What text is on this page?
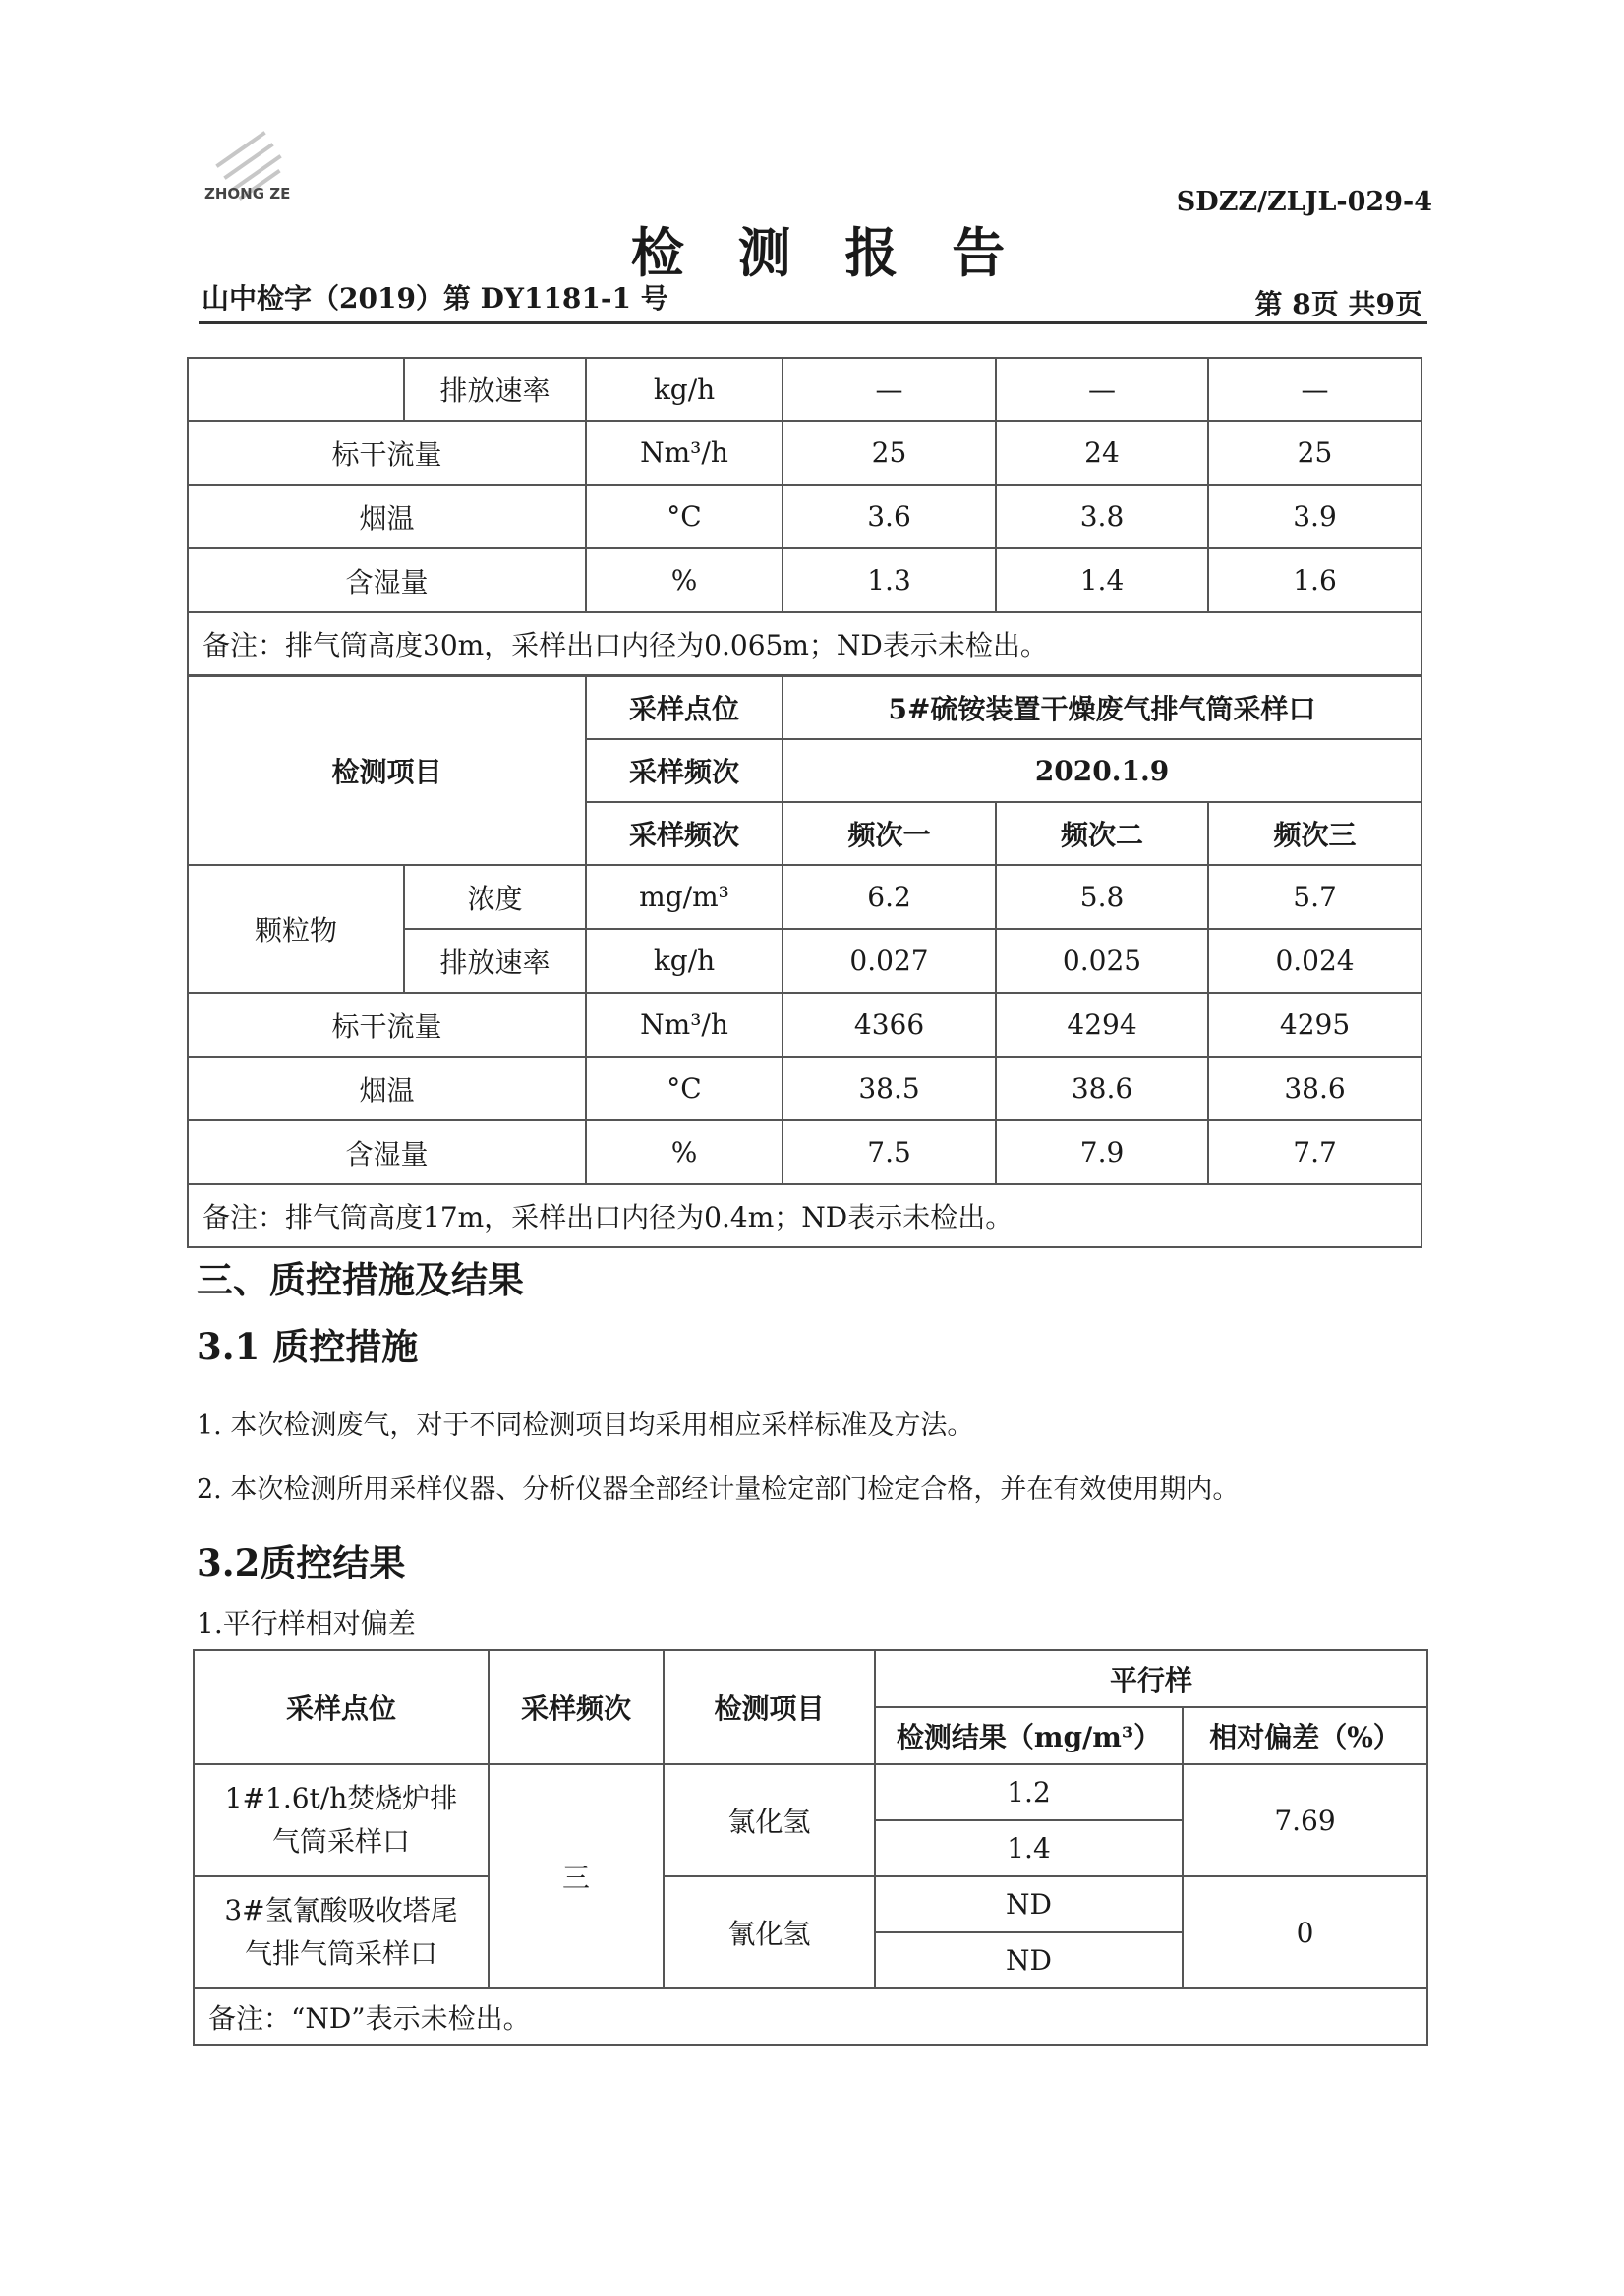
ZHONG ZE	SDZZ/ZLJL-029-4
检 测 报 告
山中检字（2019）第 DY1181-1 号	第 8页 共9页
	排放速率	kg/h	—	—	—
标干流量		Nm³/h	25	24	25
烟温		°C	3.6	3.8	3.9
含湿量		%	1.3	1.4	1.6
备注：排气筒高度30m，采样出口内径为0.065m；ND表示未检出。					
检测项目		采样点位	5#硫铵装置干燥废气排气筒采样口		
		采样频次	2020.1.9		
		采样频次	频次一	频次二	频次三
颗粒物	浓度	mg/m³	6.2	5.8	5.7
	排放速率	kg/h	0.027	0.025	0.024
标干流量		Nm³/h	4366	4294	4295
烟温		°C	38.5	38.6	38.6
含湿量		%	7.5	7.9	7.7
备注：排气筒高度17m，采样出口内径为0.4m；ND表示未检出。					
三、质控措施及结果
3.1 质控措施
1. 本次检测废气，对于不同检测项目均采用相应采样标准及方法。
2. 本次检测所用采样仪器、分析仪器全部经计量检定部门检定合格，并在有效使用期内。
3.2质控结果
1.平行样相对偏差
采样点位	采样频次	检测项目	平行样	
			检测结果（mg/m³）	相对偏差（%）
1#1.6t/h焚烧炉排气筒采样口	三	氯化氢	1.2	7.69
			1.4	
3#氢氰酸吸收塔尾气排气筒采样口		氰化氢	ND	0
			ND	
备注：“ND”表示未检出。				
